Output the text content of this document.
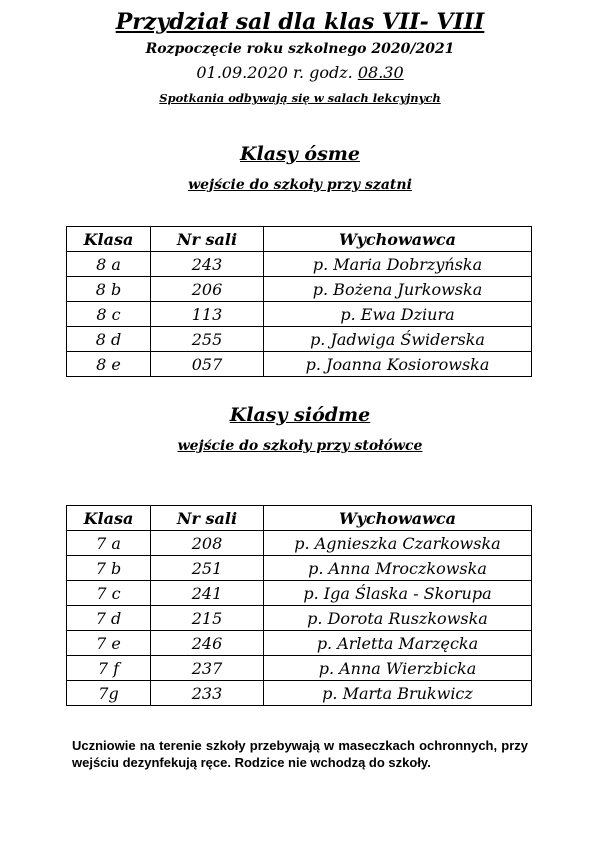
Przydział sal dla klas VII- VIII
Rozpoczęcie roku szkolnego 2020/2021
01.09.2020 r. godz. 08.30
Spotkania odbywają się w salach lekcyjnych
Klasy ósme
wejście do szkoły przy szatni
Klasa	Nr sali	Wychowawca
8 a	243	p. Maria Dobrzyńska
8 b	206	p. Bożena Jurkowska
8 c	113	p. Ewa Dziura
8 d	255	p. Jadwiga Świderska
8 e	057	p. Joanna Kosiorowska
Klasy siódme
wejście do szkoły przy stołówce
Klasa	Nr sali	Wychowawca
7 a	208	p. Agnieszka Czarkowska
7 b	251	p. Anna Mroczkowska
7 c	241	p. Iga Ślaska - Skorupa
7 d	215	p. Dorota Ruszkowska
7 e	246	p. Arletta Marzęcka
7 f	237	p. Anna Wierzbicka
7g	233	p. Marta Brukwicz
Uczniowie na terenie szkoły przebywają w maseczkach ochronnych, przy wejściu dezynfekują ręce. Rodzice nie wchodzą do szkoły.
